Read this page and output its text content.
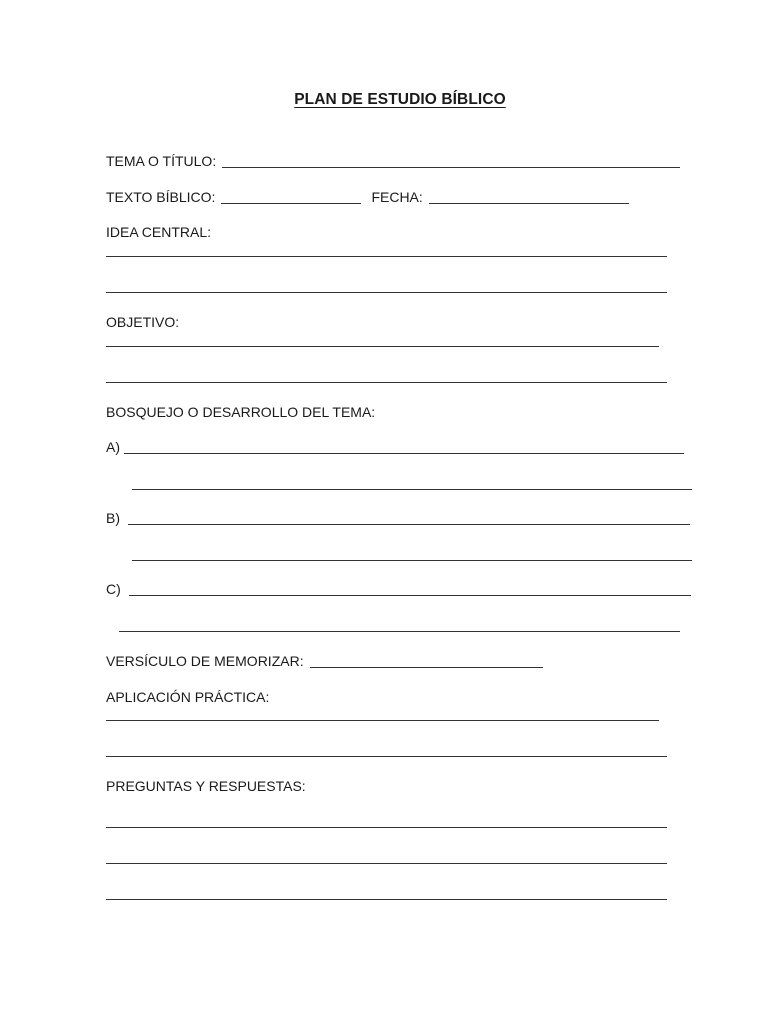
PLAN DE ESTUDIO BÍBLICO
TEMA O TÍTULO:
TEXTO BÍBLICO:	FECHA:
IDEA CENTRAL:
OBJETIVO:
BOSQUEJO O DESARROLLO DEL TEMA:
A)
B)
C)
VERSÍCULO DE MEMORIZAR:
APLICACIÓN PRÁCTICA:
PREGUNTAS Y RESPUESTAS:
